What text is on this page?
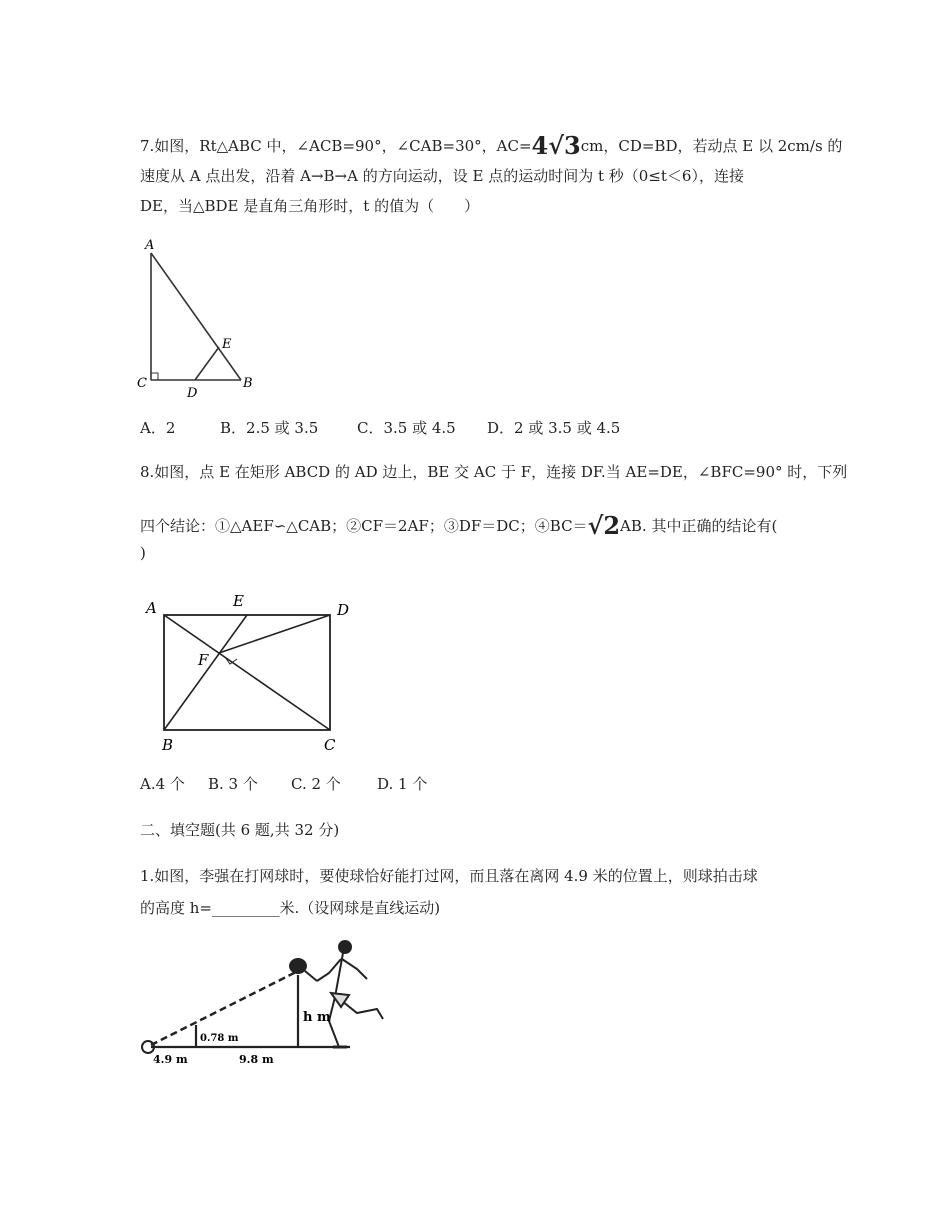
7.如图，Rt△ABC 中，∠ACB=90°，∠CAB=30°，AC=4√3cm，CD=BD，若动点 E 以 2cm/s 的
速度从 A 点出发，沿着 A→B→A 的方向运动，设 E 点的运动时间为 t 秒（0≤t＜6），连接
DE，当△BDE 是直角三角形时，t 的值为（　　）
A
C
D
B
E
A．2	B．2.5 或 3.5	C．3.5 或 4.5 D．2 或 3.5 或 4.5
8.如图，点 E 在矩形 ABCD 的 AD 边上，BE 交 AC 于 F，连接 DF.当 AE=DE，∠BFC=90° 时，下列
四个结论：①△AEF∽△CAB；②CF＝2AF；③DF＝DC；④BC＝√2AB. 其中正确的结论有(
)
A	E	D
F
B	C
A.4 个 B. 3 个 C. 2 个 D. 1 个
二、填空题(共 6 题,共 32 分)
1.如图，李强在打网球时，要使球恰好能打过网，而且落在离网 4.9 米的位置上，则球拍击球
的高度 h=_________米.（设网球是直线运动)
0.78 m
h m
4.9 m	9.8 m
